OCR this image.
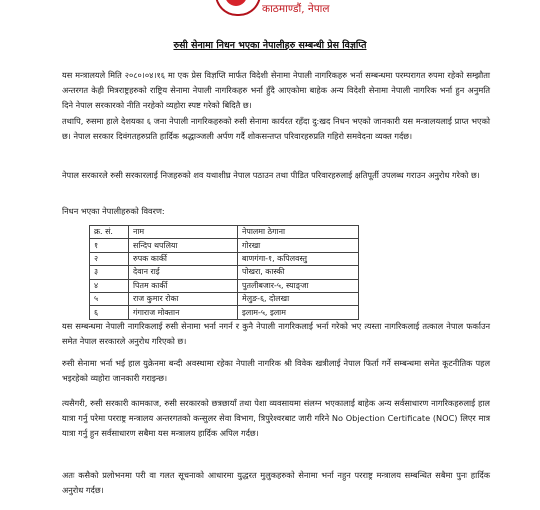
काठमाण्डौं, नेपाल
रुसी सेनामा निधन भएका नेपालीहरु सम्बन्धी प्रेस विज्ञप्ति
यस मन्त्रालयले मिति २०८०।०४।१६ मा एक प्रेस विज्ञप्ति मार्फत विदेशी सेनामा नेपाली नागरिकहरु भर्ना सम्बन्धमा परम्परागत रुपमा रहेको सम्झौता अन्तरगत केही मित्रराष्ट्रहरुको राष्ट्रिय सेनामा नेपाली नागरिकहरु भर्ना हुँदै आएकोमा बाहेक अन्य विदेशी सेनामा नेपाली नागरिक भर्ना हुन अनुमति दिने नेपाल सरकारको नीति नरहेको व्यहोरा स्पष्ट गरेको बिदितै छ।
तथापि, रुसमा हाले देशयका ६ जना नेपाली नागरिकहरुको रुसी सेनामा कार्यरत रहँदा दु:खद निधन भएको जानकारी यस मन्त्रालयलाई प्राप्त भएको छ। नेपाल सरकार दिवंगतहरुप्रति हार्दिक श्रद्धाञ्जली अर्पण गर्दै शोकसन्तप्त परिवारहरुप्रति गहिरो समवेदना व्यक्त गर्दछ।
नेपाल सरकारले रुसी सरकारलाई निजहरुको शव यथाशीघ्र नेपाल पठाउन तथा पीडित परिवारहरुलाई क्षतिपूर्ती उपलब्ध गराउन अनुरोध गरेको छ।
निधन भएका नेपालीहरुको विवरण:
क्र. सं.	नाम	नेपालमा ठेगाना
१	सन्दिप थपलिया	गोरखा
२	रुपक कार्की	बाणगंगा-१, कपिलवस्तु
३	देवान राई	पोखरा, कास्की
४	पितम कार्की	पुतलीबजार-५, स्याङ्जा
५	राज कुमार रोका	मेलुङ-६, दोलखा
६	गंगाराज मोक्तान	इलाम-५, इलाम
यस सम्बन्धमा नेपाली नागरिकलाई रुसी सेनामा भर्ना नगर्न र कुनै नेपाली नागरिकलाई भर्ना गरेको भए त्यस्ता नागरिकलाई तत्काल नेपाल फर्काउन समेत नेपाल सरकारले अनुरोध गरिएको छ।
रुसी सेनामा भर्ना भई हाल युक्रेनमा बन्दी अवस्थामा रहेका नेपाली नागरिक श्री विवेक खत्रीलाई नेपाल फिर्ता गर्ने सम्बन्धमा समेत कूटनीतिक पहल भइरहेको व्यहोरा जानकारी गराइन्छ।
त्यसैगरी, रुसी सरकारी कामकाज, रुसी सरकारको छत्रछायाँ तथा पेशा व्यवसायमा संलग्न भएकालाई बाहेक अन्य सर्वसाधारण नागरिकहरुलाई हाल यात्रा गर्नु परेमा परराष्ट्र मन्त्रालय अन्तरगतको कन्सुलर सेवा विभाग, त्रिपुरेश्वरबाट जारी गरिने No Objection Certificate (NOC) लिएर मात्र यात्रा गर्नु हुन सर्वसाधारण सबैमा यस मन्त्रालय हार्दिक अपिल गर्दछ।
अतः कसैको प्रलोभनमा परी वा गलत सूचनाको आधारमा युद्धरत मुलुकहरुको सेनामा भर्ना नहुन परराष्ट्र मन्त्रालय सम्बन्धित सबैमा पुनः हार्दिक अनुरोध गर्दछ।
